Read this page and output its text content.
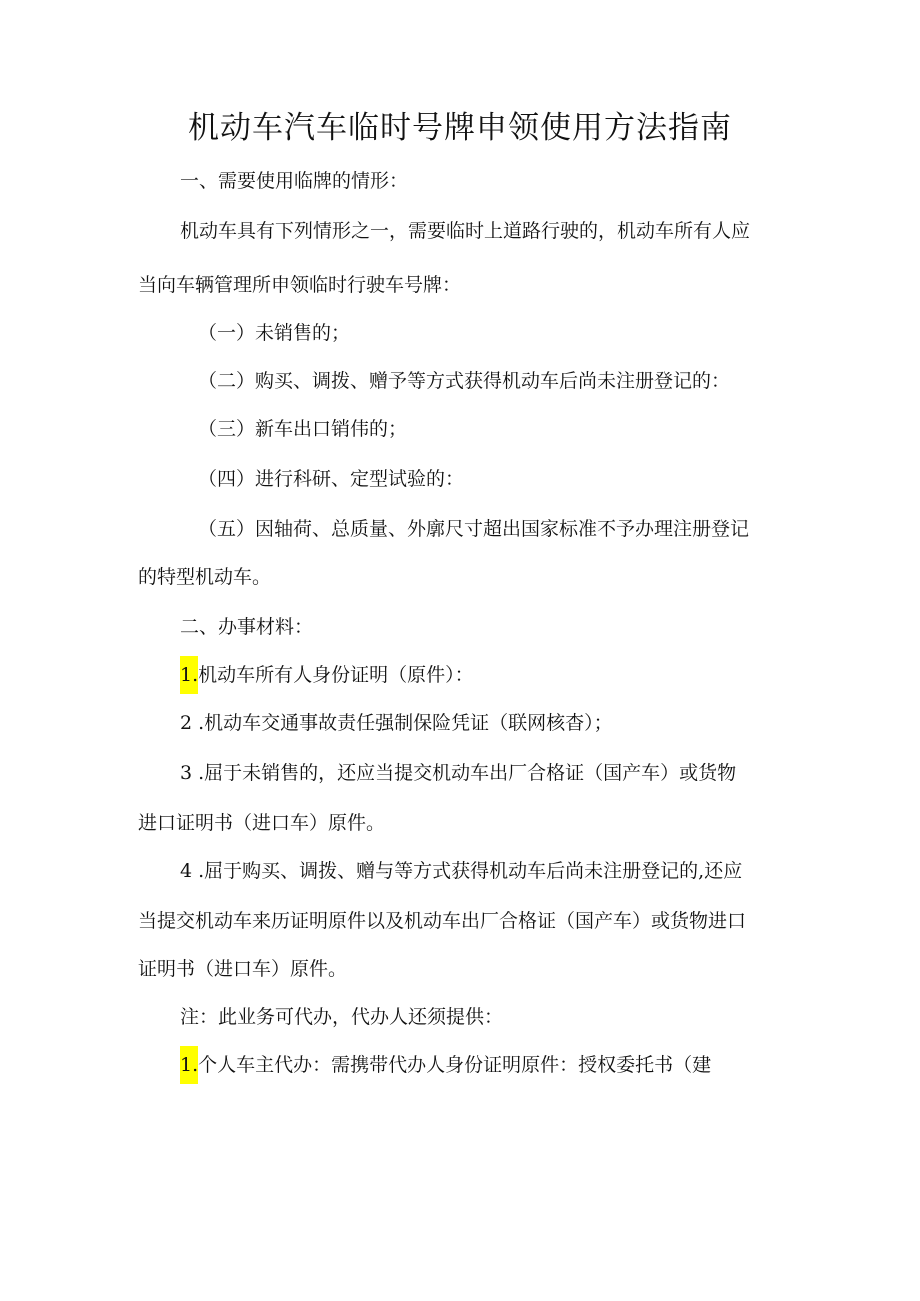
机动车汽车临时号牌申领使用方法指南

一、需要使用临牌的情形：

机动车具有下列情形之一，需要临时上道路行驶的，机动车所有人应

当向车辆管理所申领临时行驶车号牌：

（一）未销售的；

（二）购买、调拨、赠予等方式获得机动车后尚未注册登记的：

（三）新车出口销伟的；

（四）进行科研、定型试验的：

（五）因轴荷、总质量、外廓尺寸超出国家标准不予办理注册登记

的特型机动车。

二、办事材料：

1.机动车所有人身份证明（原件）：

2 .机动车交通事故责任强制保险凭证（联网核杳）；

3 .屈于未销售的，还应当提交机动车出厂合格证（国产车）或货物

进口证明书（进口车）原件。

4 .屈于购买、调拨、赠与等方式获得机动车后尚未注册登记的,还应

当提交机动车来历证明原件以及机动车出厂合格证（国产车）或货物进口

证明书（进口车）原件。

注：此业务可代办，代办人还须提供：

1.个人车主代办：需携带代办人身份证明原件：授权委托书（建
